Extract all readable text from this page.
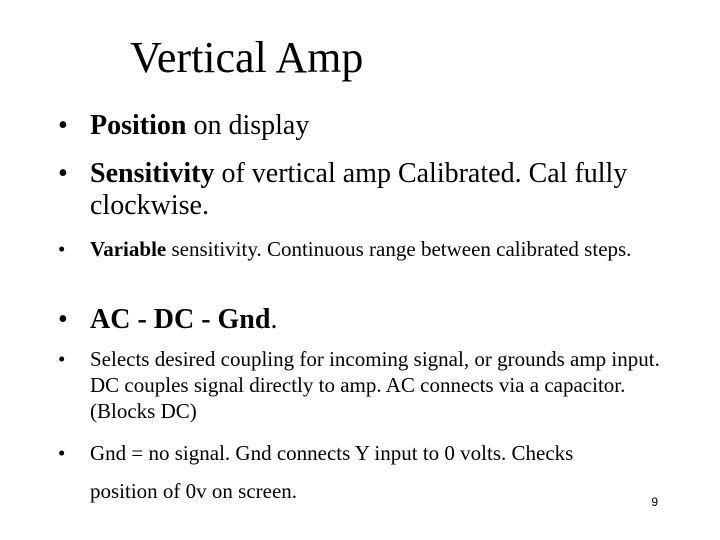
Vertical Amp
• Position on display
• Sensitivity of vertical amp Calibrated. Cal fully clockwise.
• Variable sensitivity. Continuous range between calibrated steps.
• AC - DC - Gnd.
• Selects desired coupling for incoming signal, or grounds amp input. DC couples signal directly to amp. AC connects via a capacitor. (Blocks DC)
• Gnd = no signal. Gnd connects Y input to 0 volts. Checks
position of 0v on screen.	9
